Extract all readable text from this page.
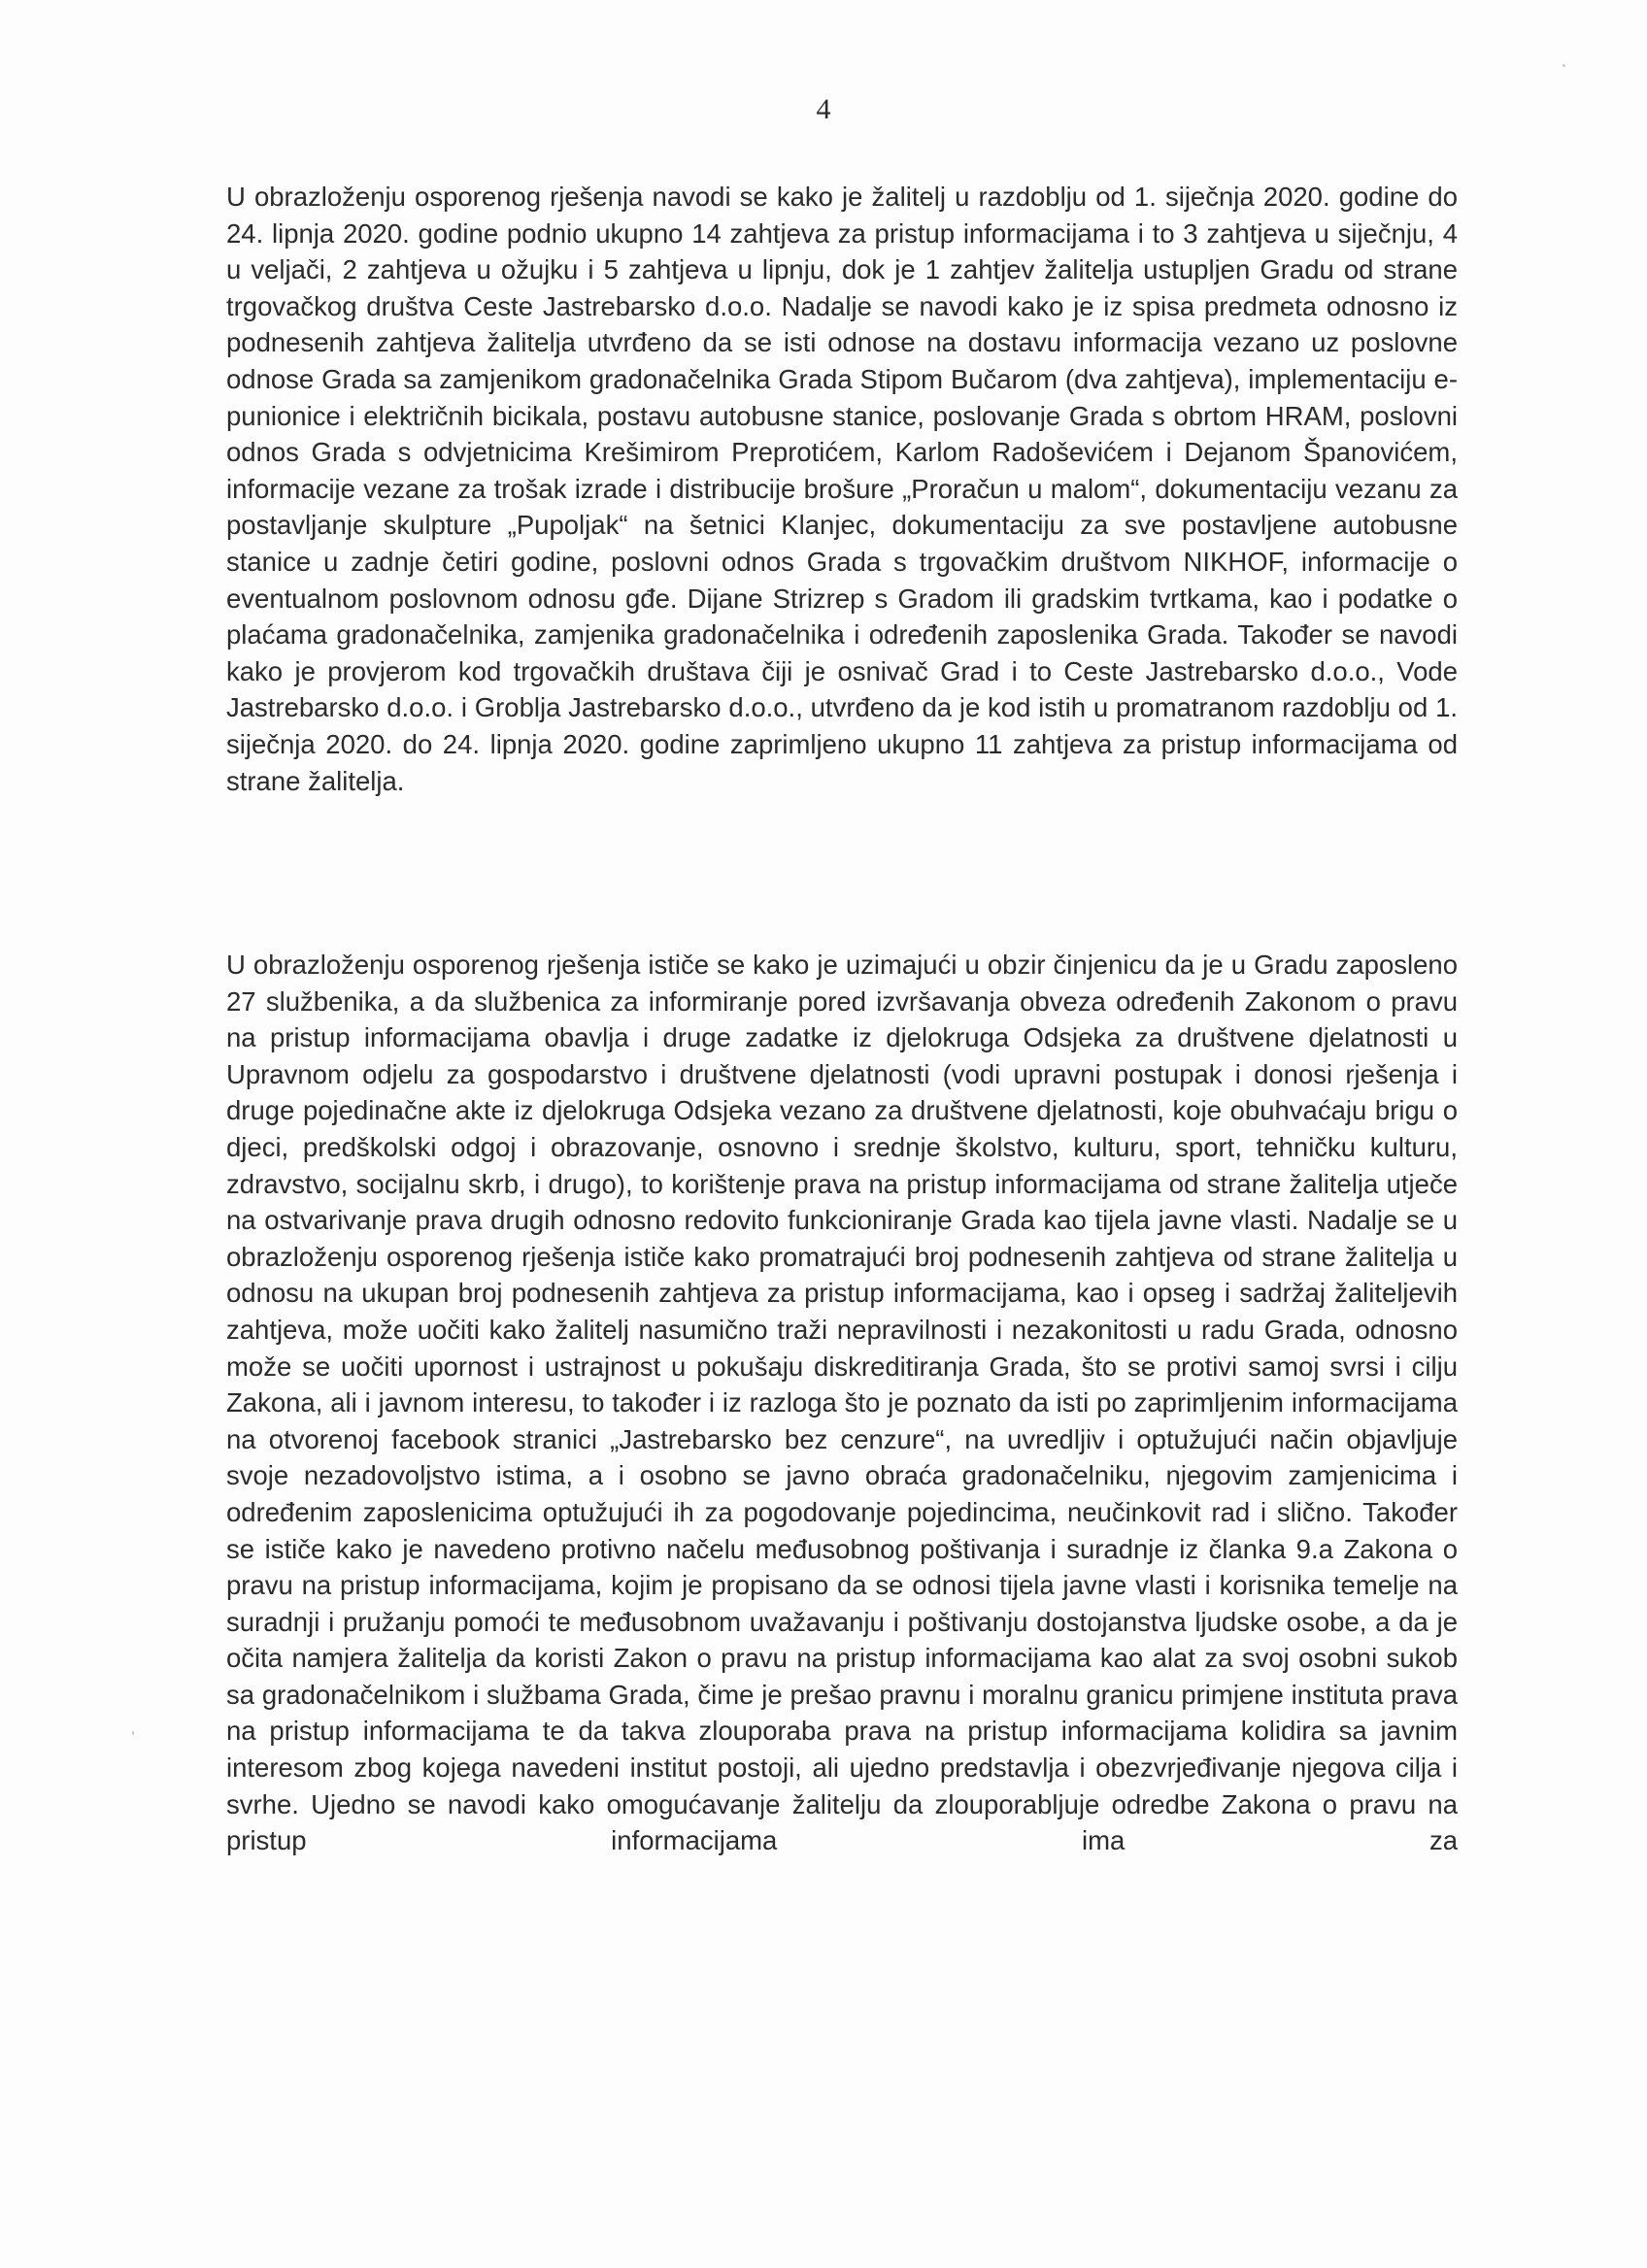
4

U obrazloženju osporenog rješenja navodi se kako je žalitelj u razdoblju od 1. siječnja 2020. godine do 24. lipnja 2020. godine podnio ukupno 14 zahtjeva za pristup informacijama i to 3 zahtjeva u siječnju, 4 u veljači, 2 zahtjeva u ožujku i 5 zahtjeva u lipnju, dok je 1 zahtjev žalitelja ustupljen Gradu od strane trgovačkog društva Ceste Jastrebarsko d.o.o. Nadalje se navodi kako je iz spisa predmeta odnosno iz podnesenih zahtjeva žalitelja utvrđeno da se isti odnose na dostavu informacija vezano uz poslovne odnose Grada sa zamjenikom gradonačelnika Grada Stipom Bučarom (dva zahtjeva), implementaciju e-punionice i električnih bicikala, postavu autobusne stanice, poslovanje Grada s obrtom HRAM, poslovni odnos Grada s odvjetnicima Krešimirom Preprotićem, Karlom Radoševićem i Dejanom Španovićem, informacije vezane za trošak izrade i distribucije brošure „Proračun u malom“, dokumentaciju vezanu za postavljanje skulpture „Pupoljak“ na šetnici Klanjec, dokumentaciju za sve postavljene autobusne stanice u zadnje četiri godine, poslovni odnos Grada s trgovačkim društvom NIKHOF, informacije o eventualnom poslovnom odnosu gđe. Dijane Strizrep s Gradom ili gradskim tvrtkama, kao i podatke o plaćama gradonačelnika, zamjenika gradonačelnika i određenih zaposlenika Grada. Također se navodi kako je provjerom kod trgovačkih društava čiji je osnivač Grad i to Ceste Jastrebarsko d.o.o., Vode Jastrebarsko d.o.o. i Groblja Jastrebarsko d.o.o., utvrđeno da je kod istih u promatranom razdoblju od 1. siječnja 2020. do 24. lipnja 2020. godine zaprimljeno ukupno 11 zahtjeva za pristup informacijama od strane žalitelja.

U obrazloženju osporenog rješenja ističe se kako je uzimajući u obzir činjenicu da je u Gradu zaposleno 27 službenika, a da službenica za informiranje pored izvršavanja obveza određenih Zakonom o pravu na pristup informacijama obavlja i druge zadatke iz djelokruga Odsjeka za društvene djelatnosti u Upravnom odjelu za gospodarstvo i društvene djelatnosti (vodi upravni postupak i donosi rješenja i druge pojedinačne akte iz djelokruga Odsjeka vezano za društvene djelatnosti, koje obuhvaćaju brigu o djeci, predškolski odgoj i obrazovanje, osnovno i srednje školstvo, kulturu, sport, tehničku kulturu, zdravstvo, socijalnu skrb, i drugo), to korištenje prava na pristup informacijama od strane žalitelja utječe na ostvarivanje prava drugih odnosno redovito funkcioniranje Grada kao tijela javne vlasti. Nadalje se u obrazloženju osporenog rješenja ističe kako promatrajući broj podnesenih zahtjeva od strane žalitelja u odnosu na ukupan broj podnesenih zahtjeva za pristup informacijama, kao i opseg i sadržaj žaliteljevih zahtjeva, može uočiti kako žalitelj nasumično traži nepravilnosti i nezakonitosti u radu Grada, odnosno može se uočiti upornost i ustrajnost u pokušaju diskreditiranja Grada, što se protivi samoj svrsi i cilju Zakona, ali i javnom interesu, to također i iz razloga što je poznato da isti po zaprimljenim informacijama na otvorenoj facebook stranici „Jastrebarsko bez cenzure“, na uvredljiv i optužujući način objavljuje svoje nezadovoljstvo istima, a i osobno se javno obraća gradonačelniku, njegovim zamjenicima i određenim zaposlenicima optužujući ih za pogodovanje pojedincima, neučinkovit rad i slično. Također se ističe kako je navedeno protivno načelu međusobnog poštivanja i suradnje iz članka 9.a Zakona o pravu na pristup informacijama, kojim je propisano da se odnosi tijela javne vlasti i korisnika temelje na suradnji i pružanju pomoći te međusobnom uvažavanju i poštivanju dostojanstva ljudske osobe, a da je očita namjera žalitelja da koristi Zakon o pravu na pristup informacijama kao alat za svoj osobni sukob sa gradonačelnikom i službama Grada, čime je prešao pravnu i moralnu granicu primjene instituta prava na pristup informacijama te da takva zlouporaba prava na pristup informacijama kolidira sa javnim interesom zbog kojega navedeni institut postoji, ali ujedno predstavlja i obezvrjeđivanje njegova cilja i svrhe. Ujedno se navodi kako omogućavanje žalitelju da zlouporabljuje odredbe Zakona o pravu na pristup informacijama ima za
